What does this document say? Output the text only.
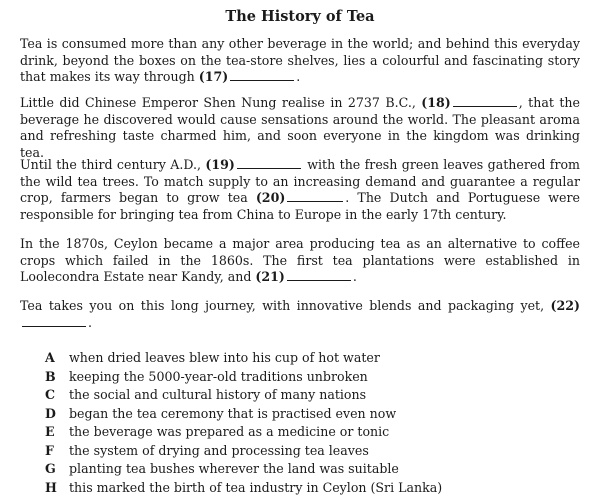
The History of Tea
Tea is consumed more than any other beverage in the world; and behind this everyday drink, beyond the boxes on the tea-store shelves, lies a colourful and fascinating story that makes its way through (17)	.
Little did Chinese Emperor Shen Nung realise in 2737 B.C., (18)	, that the beverage he discovered would cause sensations around the world. The pleasant aroma and refreshing taste charmed him, and soon everyone in the kingdom was drinking tea.
Until the third century A.D., (19)	with the fresh green leaves gathered from the wild tea trees. To match supply to an increasing demand and guarantee a regular crop, farmers began to grow tea (20)	. The Dutch and Portuguese were responsible for bringing tea from China to Europe in the early 17th century.
In the 1870s, Ceylon became a major area producing tea as an alternative to coffee crops which failed in the 1860s. The first tea plantations were established in Loolecondra Estate near Kandy, and (21)	.
Tea takes you on this long journey, with innovative blends and packaging yet, (22).
A	when dried leaves blew into his cup of hot water
B	keeping the 5000-year-old traditions unbroken
C	the social and cultural history of many nations
D	began the tea ceremony that is practised even now
E	the beverage was prepared as a medicine or tonic
F	the system of drying and processing tea leaves
G	planting tea bushes wherever the land was suitable
H this marked the birth of tea industry in Ceylon (Sri Lanka)
